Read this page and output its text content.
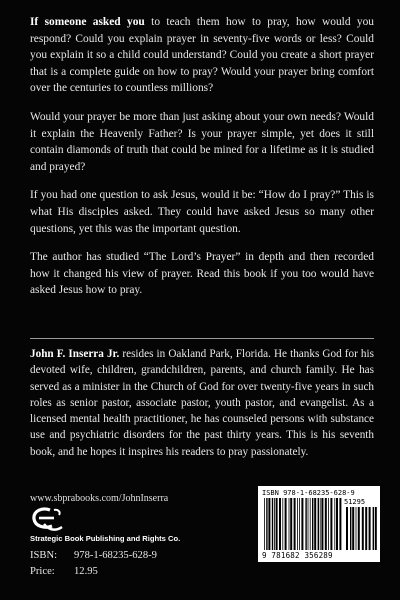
If someone asked you to teach them how to pray, how would you respond? Could you explain prayer in seventy-five words or less? Could you explain it so a child could understand? Could you create a short prayer that is a complete guide on how to pray? Would your prayer bring comfort over the centuries to countless millions?

Would your prayer be more than just asking about your own needs? Would it explain the Heavenly Father? Is your prayer simple, yet does it still contain diamonds of truth that could be mined for a lifetime as it is studied and prayed?

If you had one question to ask Jesus, would it be: “How do I pray?” This is what His disciples asked. They could have asked Jesus so many other questions, yet this was the important question.

The author has studied “The Lord’s Prayer” in depth and then recorded how it changed his view of prayer. Read this book if you too would have asked Jesus how to pray.

John F. Inserra Jr. resides in Oakland Park, Florida. He thanks God for his devoted wife, children, grandchildren, parents, and church family. He has served as a minister in the Church of God for over twenty-five years in such roles as senior pastor, associate pastor, youth pastor, and evangelist. As a licensed mental health practitioner, he has counseled persons with substance use and psychiatric disorders for the past thirty years. This is his seventh book, and he hopes it inspires his readers to pray passionately.

www.sbprabooks.com/JohnInserra
Strategic Book Publishing and Rights Co.
ISBN: 978-1-68235-628-9
Price: 12.95
ISBN 978-1-68235-628-9
51295
9 781682 356289
